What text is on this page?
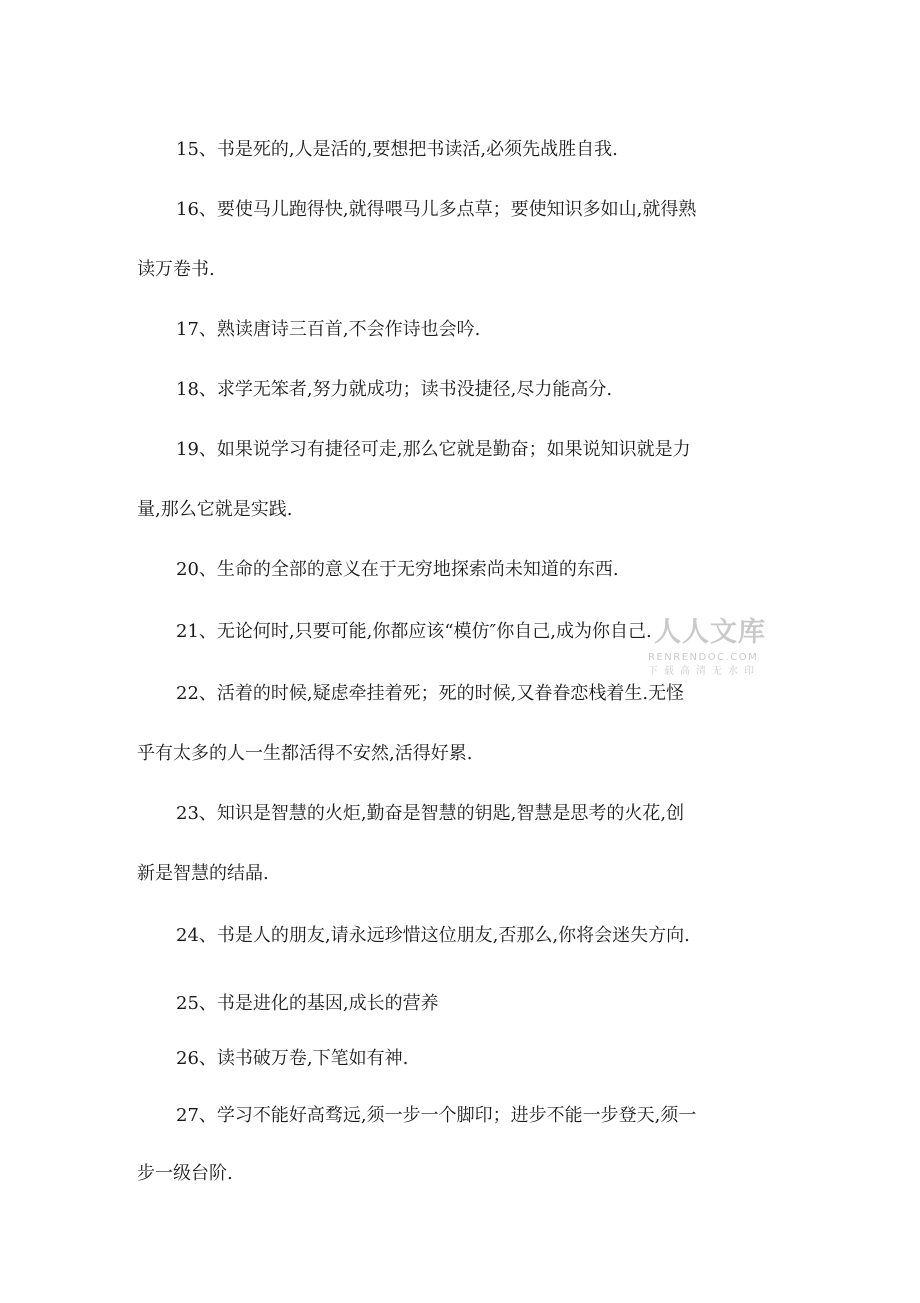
15、书是死的,人是活的,要想把书读活,必须先战胜自我.
16、要使马儿跑得快,就得喂马儿多点草；要使知识多如山,就得熟
读万卷书.
17、熟读唐诗三百首,不会作诗也会吟.
18、求学无笨者,努力就成功；读书没捷径,尽力能高分.
19、如果说学习有捷径可走,那么它就是勤奋；如果说知识就是力
量,那么它就是实践.
20、生命的全部的意义在于无穷地探索尚未知道的东西.
21、无论何时,只要可能,你都应该“模仿″你自己,成为你自己.
22、活着的时候,疑虑牵挂着死；死的时候,又眷眷恋栈着生.无怪
乎有太多的人一生都活得不安然,活得好累.
23、知识是智慧的火炬,勤奋是智慧的钥匙,智慧是思考的火花,创
新是智慧的结晶.
24、书是人的朋友,请永远珍惜这位朋友,否那么,你将会迷失方向.
25、书是进化的基因,成长的营养
26、读书破万卷,下笔如有神.
27、学习不能好高骛远,须一步一个脚印；进步不能一步登天,须一
步一级台阶.
人人文库
RENRENDOC.COM
下载高清无水印
